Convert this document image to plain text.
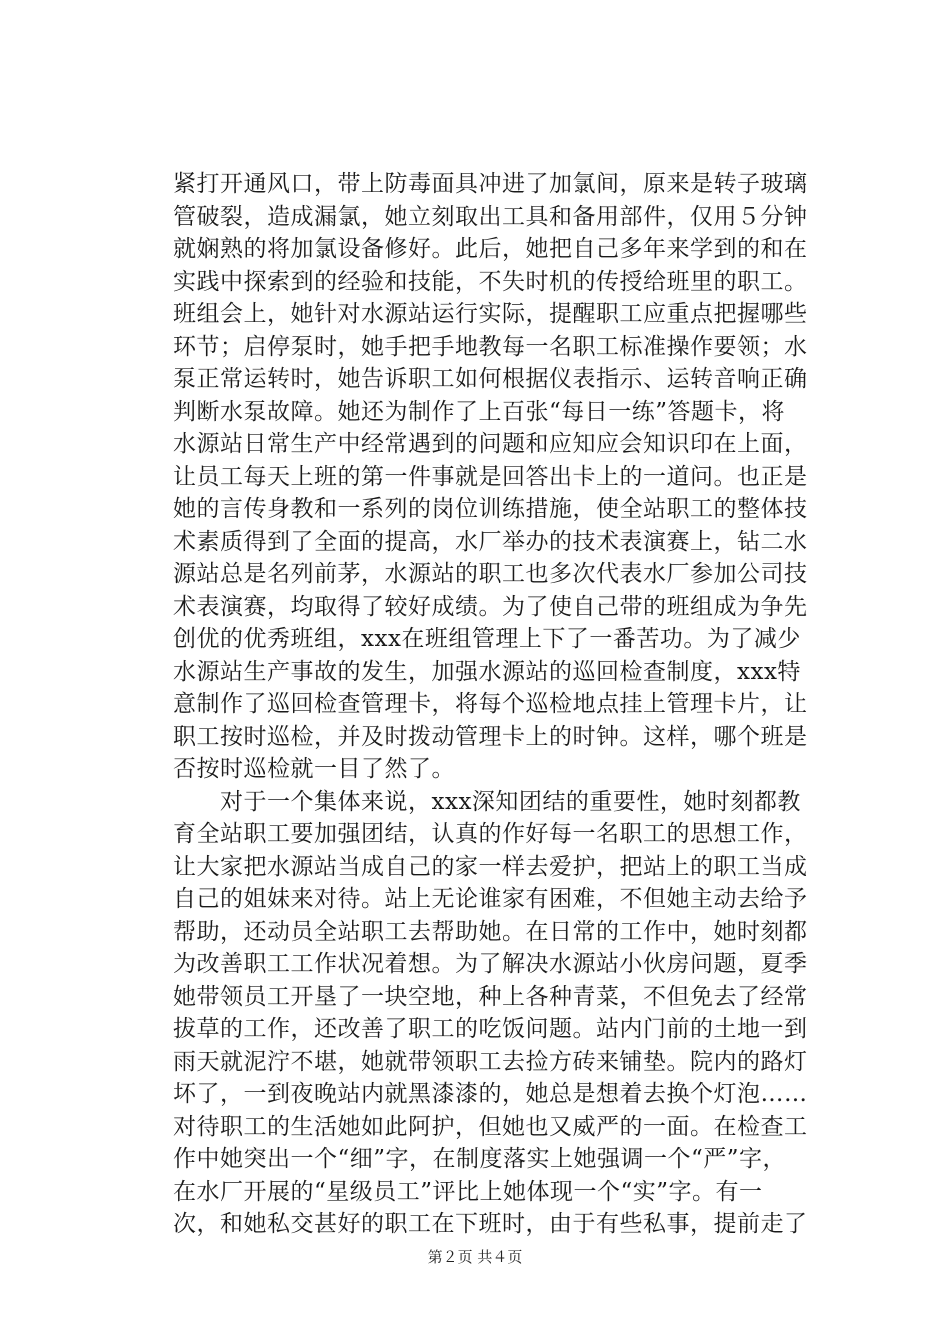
紧打开通风口，带上防毒面具冲进了加氯间，原来是转子玻璃
管破裂，造成漏氯，她立刻取出工具和备用部件，仅用５分钟
就娴熟的将加氯设备修好。此后，她把自己多年来学到的和在
实践中探索到的经验和技能，不失时机的传授给班里的职工。
班组会上，她针对水源站运行实际，提醒职工应重点把握哪些
环节；启停泵时，她手把手地教每一名职工标准操作要领；水
泵正常运转时，她告诉职工如何根据仪表指示、运转音响正确
判断水泵故障。她还为制作了上百张“每日一练”答题卡，将
水源站日常生产中经常遇到的问题和应知应会知识印在上面，
让员工每天上班的第一件事就是回答出卡上的一道问。也正是
她的言传身教和一系列的岗位训练措施，使全站职工的整体技
术素质得到了全面的提高，水厂举办的技术表演赛上，钻二水
源站总是名列前茅，水源站的职工也多次代表水厂参加公司技
术表演赛，均取得了较好成绩。为了使自己带的班组成为争先
创优的优秀班组，xxx在班组管理上下了一番苦功。为了减少
水源站生产事故的发生，加强水源站的巡回检查制度，xxx特
意制作了巡回检查管理卡，将每个巡检地点挂上管理卡片，让
职工按时巡检，并及时拨动管理卡上的时钟。这样，哪个班是
否按时巡检就一目了然了。
　　对于一个集体来说，xxx深知团结的重要性，她时刻都教
育全站职工要加强团结，认真的作好每一名职工的思想工作，
让大家把水源站当成自己的家一样去爱护，把站上的职工当成
自己的姐妹来对待。站上无论谁家有困难，不但她主动去给予
帮助，还动员全站职工去帮助她。在日常的工作中，她时刻都
为改善职工工作状况着想。为了解决水源站小伙房问题，夏季
她带领员工开垦了一块空地，种上各种青菜，不但免去了经常
拔草的工作，还改善了职工的吃饭问题。站内门前的土地一到
雨天就泥泞不堪，她就带领职工去捡方砖来铺垫。院内的路灯
坏了，一到夜晚站内就黑漆漆的，她总是想着去换个灯泡……
对待职工的生活她如此阿护，但她也又威严的一面。在检查工
作中她突出一个“细”字，在制度落实上她强调一个“严”字，
在水厂开展的“星级员工”评比上她体现一个“实”字。有一
次，和她私交甚好的职工在下班时，由于有些私事，提前走了
第２页 共４页
